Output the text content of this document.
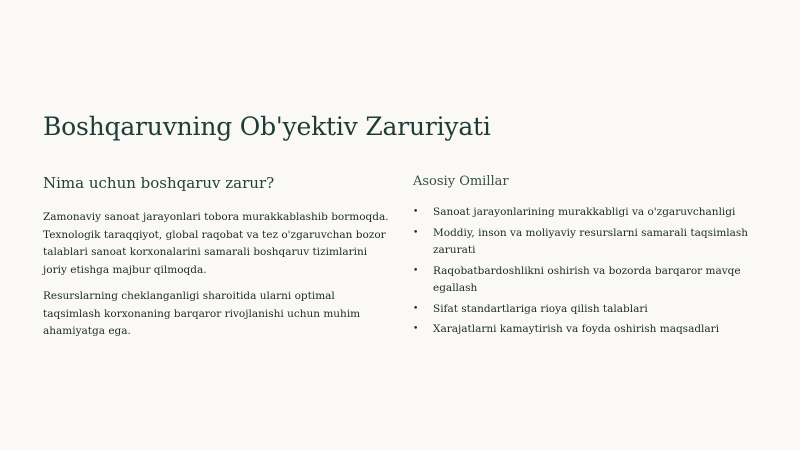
Boshqaruvning Ob'yektiv Zaruriyati
Nima uchun boshqaruv zarur?

Zamonaviy sanoat jarayonlari tobora murakkablashib bormoqda. Texnologik taraqqiyot, global raqobat va tez o'zgaruvchan bozor talablari sanoat korxonalarini samarali boshqaruv tizimlarini joriy etishga majbur qilmoqda.

Resurslarning cheklanganligi sharoitida ularni optimal taqsimlash korxonaning barqaror rivojlanishi uchun muhim ahamiyatga ega.

Asosiy Omillar
• Sanoat jarayonlarining murakkabligi va o'zgaruvchanligi
• Moddiy, inson va moliyaviy resurslarni samarali taqsimlash zarurati
• Raqobatbardoshlikni oshirish va bozorda barqaror mavqe egallash
• Sifat standartlariga rioya qilish talablari
• Xarajatlarni kamaytirish va foyda oshirish maqsadlari
